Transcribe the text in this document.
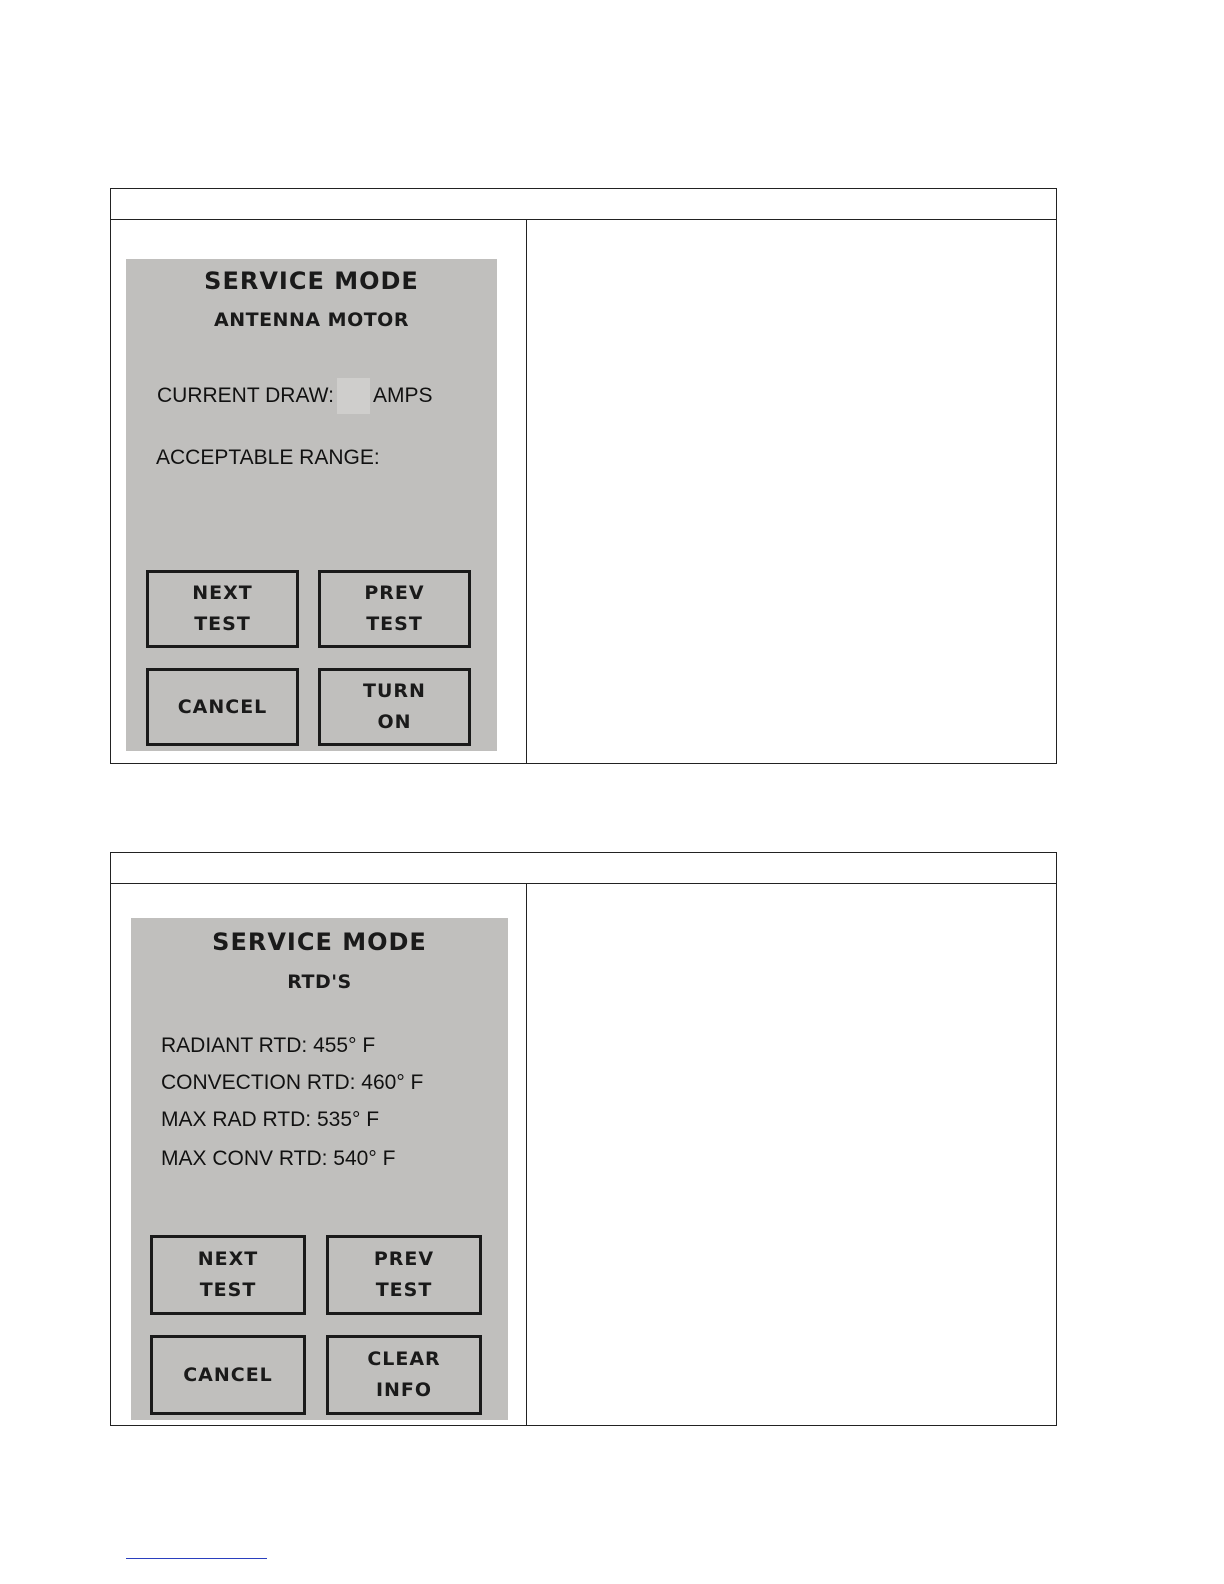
SERVICE MODE
ANTENNA MOTOR
CURRENT DRAW: AMPS
ACCEPTABLE RANGE:
NEXT
TEST
PREV
TEST
CANCEL
TURN
ON
SERVICE MODE
RTD'S
RADIANT RTD: 455° F
CONVECTION RTD: 460° F
MAX RAD RTD: 535° F
MAX CONV RTD: 540° F
NEXT
TEST
PREV
TEST
CANCEL
CLEAR
INFO
